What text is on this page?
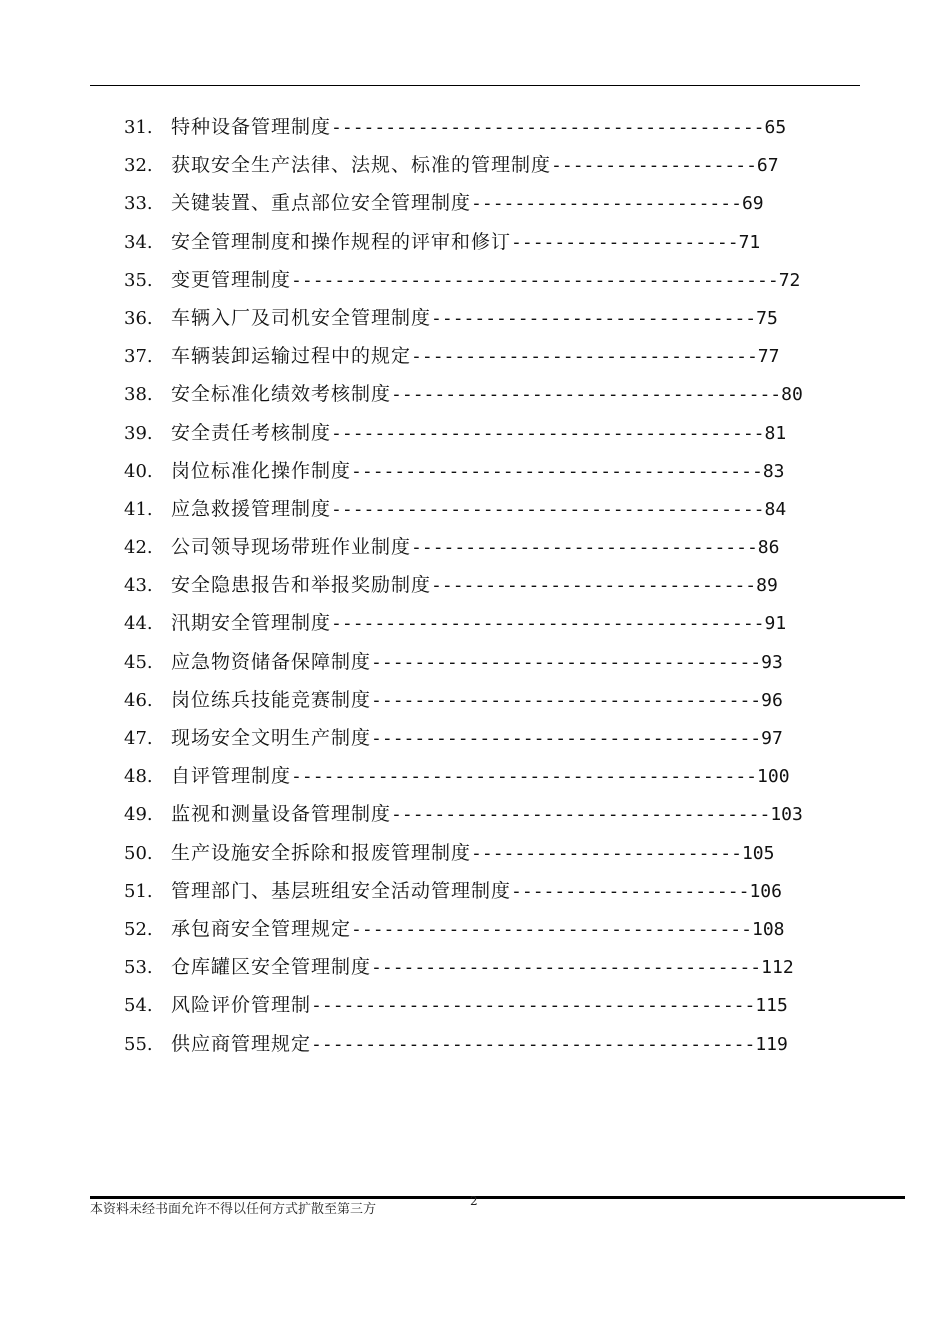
31. 特种设备管理制度----------------------------------------65
32. 获取安全生产法律、法规、标准的管理制度-------------------67
33. 关键装置、重点部位安全管理制度-------------------------69
34. 安全管理制度和操作规程的评审和修订---------------------71
35. 变更管理制度---------------------------------------------72
36. 车辆入厂及司机安全管理制度------------------------------75
37. 车辆装卸运输过程中的规定--------------------------------77
38. 安全标准化绩效考核制度------------------------------------80
39. 安全责任考核制度----------------------------------------81
40. 岗位标准化操作制度--------------------------------------83
41. 应急救援管理制度----------------------------------------84
42. 公司领导现场带班作业制度--------------------------------86
43. 安全隐患报告和举报奖励制度------------------------------89
44. 汛期安全管理制度----------------------------------------91
45. 应急物资储备保障制度------------------------------------93
46. 岗位练兵技能竞赛制度------------------------------------96
47. 现场安全文明生产制度------------------------------------97
48. 自评管理制度-------------------------------------------100
49. 监视和测量设备管理制度-----------------------------------103
50. 生产设施安全拆除和报废管理制度-------------------------105
51. 管理部门、基层班组安全活动管理制度----------------------106
52. 承包商安全管理规定-------------------------------------108
53. 仓库罐区安全管理制度------------------------------------112
54. 风险评价管理制-----------------------------------------115
55. 供应商管理规定-----------------------------------------119
本资料未经书面允许不得以任何方式扩散至第三方
2
